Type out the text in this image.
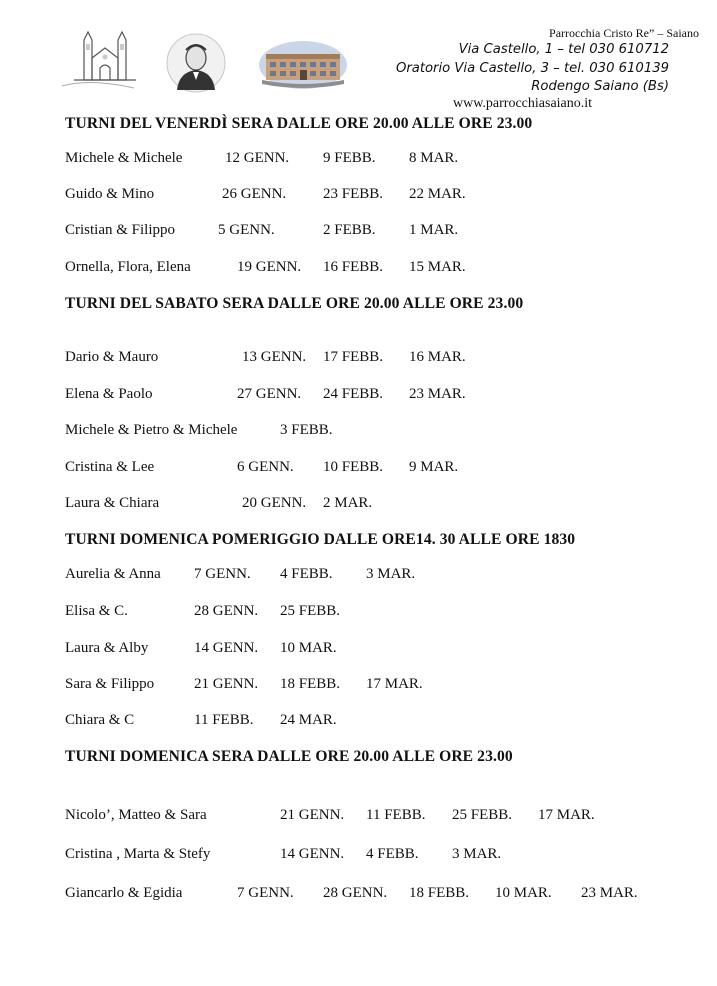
Parrocchia Cristo Re” – Saiano
Via Castello, 1 – tel 030 610712
Oratorio Via Castello, 3 – tel. 030 610139
Rodengo Saiano (Bs)
www.parrocchiasaiano.it
TURNI DEL VENERDÌ SERA DALLE ORE 20.00 ALLE ORE 23.00
Michele & Michele	12 GENN. 9 FEBB. 8 MAR.
Guido & Mino	26 GENN. 23 FEBB. 22 MAR.
Cristian & Filippo	5 GENN.	2 FEBB. 1 MAR.
Ornella, Flora, Elena	19 GENN. 16 FEBB. 15 MAR.
TURNI DEL SABATO SERA DALLE ORE 20.00 ALLE ORE 23.00
Dario & Mauro	13 GENN. 17 FEBB. 16 MAR.
Elena & Paolo	27 GENN. 24 FEBB. 23 MAR.
Michele & Pietro & Michele	3 FEBB.
Cristina & Lee	6 GENN. 10 FEBB. 9 MAR.
Laura & Chiara	20 GENN. 2 MAR.
TURNI DOMENICA POMERIGGIO DALLE ORE14. 30 ALLE ORE 1830
Aurelia & Anna 7 GENN. 4 FEBB. 3 MAR.
Elisa & C.	28 GENN. 25 FEBB.
Laura & Alby	14 GENN. 10 MAR.
Sara & Filippo	21 GENN. 18 FEBB. 17 MAR.
Chiara & C	11 FEBB. 24 MAR.
TURNI DOMENICA SERA DALLE ORE 20.00 ALLE ORE 23.00
Nicolo’, Matteo & Sara	21 GENN. 11 FEBB. 25 FEBB. 17 MAR.
Cristina , Marta & Stefy	14 GENN. 4 FEBB. 3 MAR.
Giancarlo & Egidia	7 GENN. 28 GENN. 18 FEBB. 10 MAR. 23 MAR.
